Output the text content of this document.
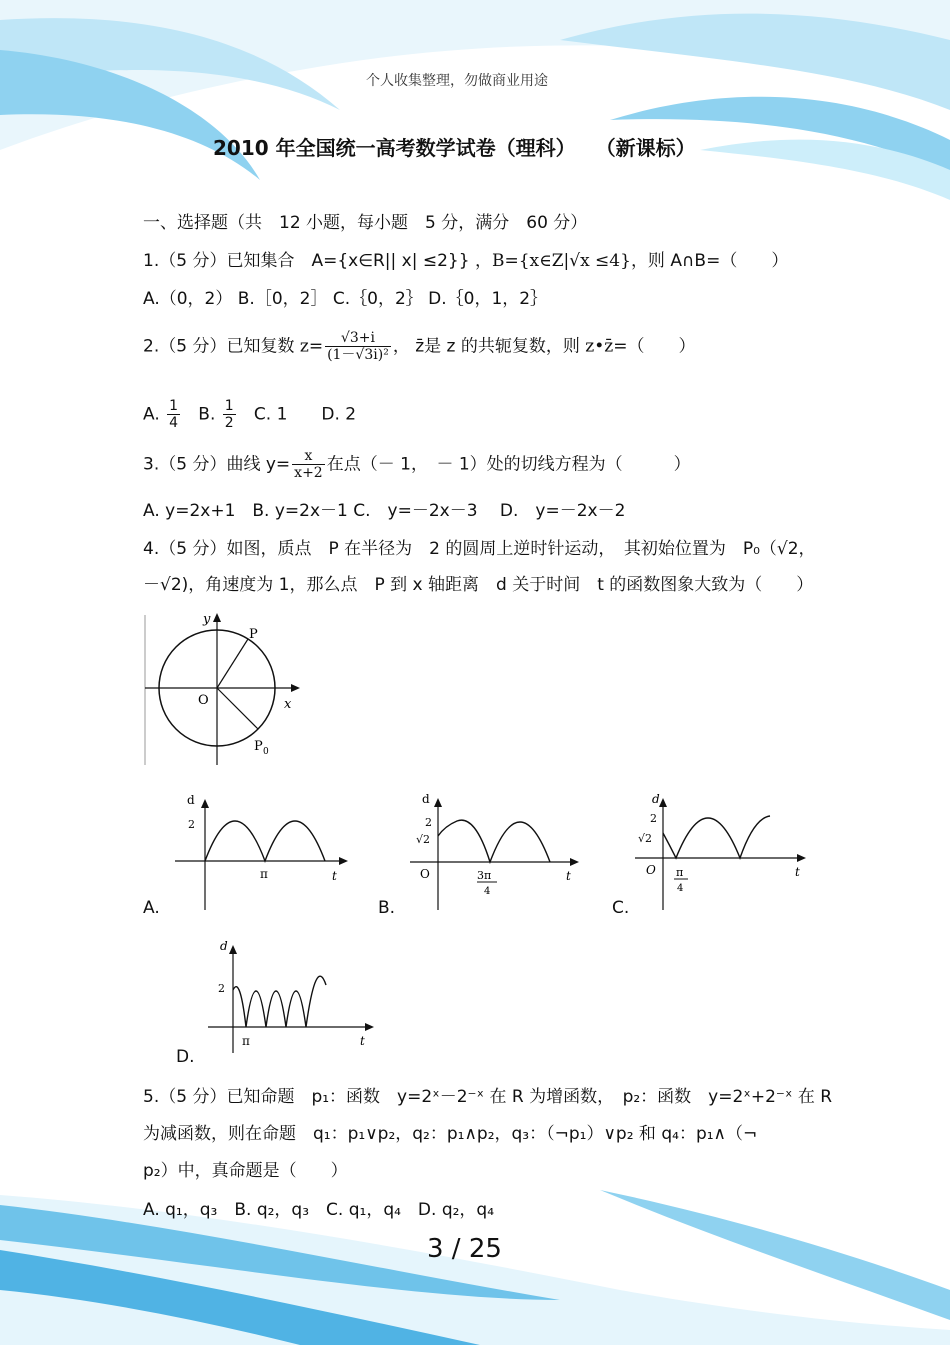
个人收集整理，勿做商业用途
2010 年全国统一高考数学试卷（理科）　　（新课标）
一、选择题（共　12 小题，每小题　5 分，满分　60 分）
1.（5 分）已知集合　A={x∈R|| x| ≤2}} ，B={x∈Z|√x ≤4}，则 A∩B=（　　）
A.（0，2） B.［0，2］ C.｛0，2｝ D.｛0，1，2｝
2.（5 分）已知复数 $z= \frac{√3+i}{\text{(1－√3i)²}}$ ， z̄是 z 的共轭复数，则 z•z̄=（　　）
A. $\frac{1}{4} B$. $\frac{1}{2} C$. 1　　D. 2
3.（5 分）曲线 $y= \frac{x}{x+2}$ 在点（－ 1，　－ 1）处的切线方程为（　　　）
A. y=2x+1　B. y=2x－1 C.　y=－2x－3　 D.　y=－2x－2
4.（5 分）如图，质点　P 在半径为　2 的圆周上逆时针运动，　其初始位置为　P₀（√2，
－√2)，角速度为 1，那么点　P 到 x 轴距离　d 关于时间　t 的函数图象大致为（　　）
y
x
O
P
P 0
A.
d
2
π	t
B.
d
2
√2
O	3π
4
t
C.
d
2
√2
O π
4
t
D.
d
2
π	t
5.（5 分）已知命题　p₁：函数　y=2ˣ－2⁻ˣ 在 R 为增函数，　p₂：函数　y=2ˣ+2⁻ˣ 在 R
为减函数，则在命题　q₁：p₁∨p₂，q₂：p₁∧p₂，q₃：（¬p₁）∨p₂ 和 q₄：p₁∧（¬
p₂）中，真命题是（　　）
A. q₁，q₃　B. q₂，q₃　C. q₁，q₄　D. q₂，q₄
3 / 25
